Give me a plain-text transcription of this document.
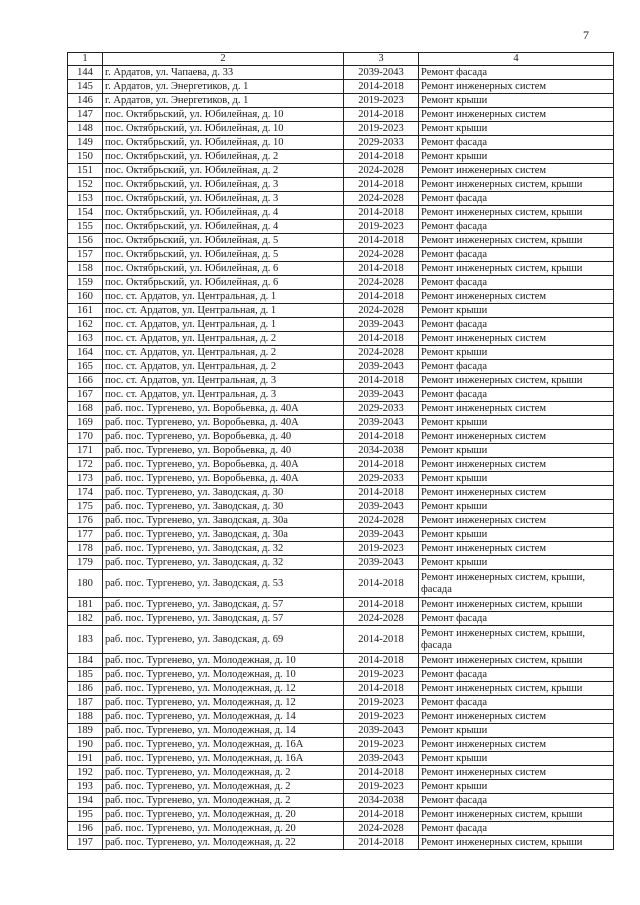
7
1	2	3	4
144	г. Ардатов, ул. Чапаева, д. 33	2039-2043	Ремонт фасада
145	г. Ардатов, ул. Энергетиков, д. 1	2014-2018	Ремонт инженерных систем
146	г. Ардатов, ул. Энергетиков, д. 1	2019-2023	Ремонт крыши
147	пос. Октябрьский, ул. Юбилейная, д. 10	2014-2018	Ремонт инженерных систем
148	пос. Октябрьский, ул. Юбилейная, д. 10	2019-2023	Ремонт крыши
149	пос. Октябрьский, ул. Юбилейная, д. 10	2029-2033	Ремонт фасада
150	пос. Октябрьский, ул. Юбилейная, д. 2	2014-2018	Ремонт крыши
151	пос. Октябрьский, ул. Юбилейная, д. 2	2024-2028	Ремонт инженерных систем
152	пос. Октябрьский, ул. Юбилейная, д. 3	2014-2018	Ремонт инженерных систем, крыши
153	пос. Октябрьский, ул. Юбилейная, д. 3	2024-2028	Ремонт фасада
154	пос. Октябрьский, ул. Юбилейная, д. 4	2014-2018	Ремонт инженерных систем, крыши
155	пос. Октябрьский, ул. Юбилейная, д. 4	2019-2023	Ремонт фасада
156	пос. Октябрьский, ул. Юбилейная, д. 5	2014-2018	Ремонт инженерных систем, крыши
157	пос. Октябрьский, ул. Юбилейная, д. 5	2024-2028	Ремонт фасада
158	пос. Октябрьский, ул. Юбилейная, д. 6	2014-2018	Ремонт инженерных систем, крыши
159	пос. Октябрьский, ул. Юбилейная, д. 6	2024-2028	Ремонт фасада
160	пос. ст. Ардатов, ул. Центральная, д. 1	2014-2018	Ремонт инженерных систем
161	пос. ст. Ардатов, ул. Центральная, д. 1	2024-2028	Ремонт крыши
162	пос. ст. Ардатов, ул. Центральная, д. 1	2039-2043	Ремонт фасада
163	пос. ст. Ардатов, ул. Центральная, д. 2	2014-2018	Ремонт инженерных систем
164	пос. ст. Ардатов, ул. Центральная, д. 2	2024-2028	Ремонт крыши
165	пос. ст. Ардатов, ул. Центральная, д. 2	2039-2043	Ремонт фасада
166	пос. ст. Ардатов, ул. Центральная, д. 3	2014-2018	Ремонт инженерных систем, крыши
167	пос. ст. Ардатов, ул. Центральная, д. 3	2039-2043	Ремонт фасада
168	раб. пос. Тургенево, ул. Воробьевка, д. 40А	2029-2033	Ремонт инженерных систем
169	раб. пос. Тургенево, ул. Воробьевка, д. 40А	2039-2043	Ремонт крыши
170	раб. пос. Тургенево, ул. Воробьевка, д. 40	2014-2018	Ремонт инженерных систем
171	раб. пос. Тургенево, ул. Воробьевка, д. 40	2034-2038	Ремонт крыши
172	раб. пос. Тургенево, ул. Воробьевка, д. 40А	2014-2018	Ремонт инженерных систем
173	раб. пос. Тургенево, ул. Воробьевка, д. 40А	2029-2033	Ремонт крыши
174	раб. пос. Тургенево, ул. Заводская, д. 30	2014-2018	Ремонт инженерных систем
175	раб. пос. Тургенево, ул. Заводская, д. 30	2039-2043	Ремонт крыши
176	раб. пос. Тургенево, ул. Заводская, д. 30а	2024-2028	Ремонт инженерных систем
177	раб. пос. Тургенево, ул. Заводская, д. 30а	2039-2043	Ремонт крыши
178	раб. пос. Тургенево, ул. Заводская, д. 32	2019-2023	Ремонт инженерных систем
179	раб. пос. Тургенево, ул. Заводская, д. 32	2039-2043	Ремонт крыши
180	раб. пос. Тургенево, ул. Заводская, д. 53	2014-2018	Ремонт инженерных систем, крыши, фасада
181	раб. пос. Тургенево, ул. Заводская, д. 57	2014-2018	Ремонт инженерных систем, крыши
182	раб. пос. Тургенево, ул. Заводская, д. 57	2024-2028	Ремонт фасада
183	раб. пос. Тургенево, ул. Заводская, д. 69	2014-2018	Ремонт инженерных систем, крыши, фасада
184	раб. пос. Тургенево, ул. Молодежная, д. 10	2014-2018	Ремонт инженерных систем, крыши
185	раб. пос. Тургенево, ул. Молодежная, д. 10	2019-2023	Ремонт фасада
186	раб. пос. Тургенево, ул. Молодежная, д. 12	2014-2018	Ремонт инженерных систем, крыши
187	раб. пос. Тургенево, ул. Молодежная, д. 12	2019-2023	Ремонт фасада
188	раб. пос. Тургенево, ул. Молодежная, д. 14	2019-2023	Ремонт инженерных систем
189	раб. пос. Тургенево, ул. Молодежная, д. 14	2039-2043	Ремонт крыши
190	раб. пос. Тургенево, ул. Молодежная, д. 16А	2019-2023	Ремонт инженерных систем
191	раб. пос. Тургенево, ул. Молодежная, д. 16А	2039-2043	Ремонт крыши
192	раб. пос. Тургенево, ул. Молодежная, д. 2	2014-2018	Ремонт инженерных систем
193	раб. пос. Тургенево, ул. Молодежная, д. 2	2019-2023	Ремонт крыши
194	раб. пос. Тургенево, ул. Молодежная, д. 2	2034-2038	Ремонт фасада
195	раб. пос. Тургенево, ул. Молодежная, д. 20	2014-2018	Ремонт инженерных систем, крыши
196	раб. пос. Тургенево, ул. Молодежная, д. 20	2024-2028	Ремонт фасада
197	раб. пос. Тургенево, ул. Молодежная, д. 22	2014-2018	Ремонт инженерных систем, крыши
